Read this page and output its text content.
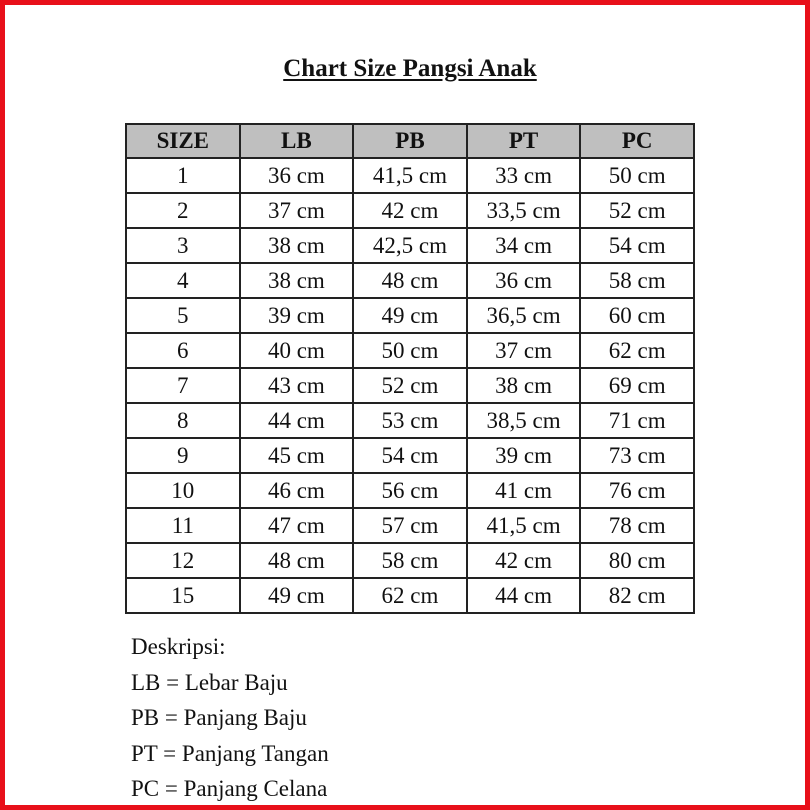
Chart Size Pangsi Anak
SIZE	LB	PB	PT	PC
1	36 cm	41,5 cm	33 cm	50 cm
2	37 cm	42 cm	33,5 cm	52 cm
3	38 cm	42,5 cm	34 cm	54 cm
4	38 cm	48 cm	36 cm	58 cm
5	39 cm	49 cm	36,5 cm	60 cm
6	40 cm	50 cm	37 cm	62 cm
7	43 cm	52 cm	38 cm	69 cm
8	44 cm	53 cm	38,5 cm	71 cm
9	45 cm	54 cm	39 cm	73 cm
10	46 cm	56 cm	41 cm	76 cm
11	47 cm	57 cm	41,5 cm	78 cm
12	48 cm	58 cm	42 cm	80 cm
15	49 cm	62 cm	44 cm	82 cm
Deskripsi:
LB = Lebar Baju
PB = Panjang Baju
PT = Panjang Tangan
PC = Panjang Celana
